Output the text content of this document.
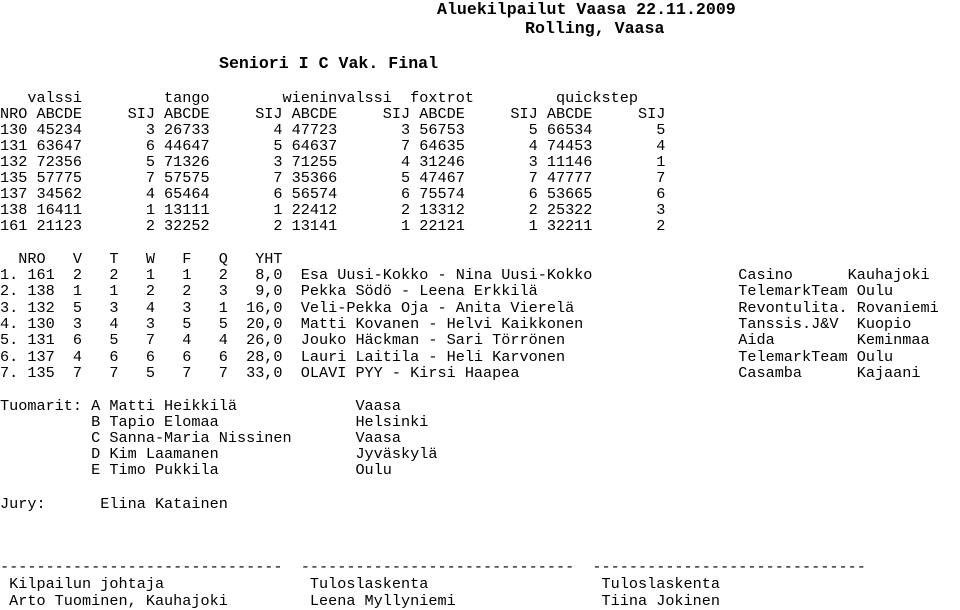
Aluekilpailut Vaasa 22.11.2009
Rolling, Vaasa
Seniori I C Vak. Final
valssi         tango        wieninvalssi  foxtrot         quickstep
NRO ABCDE     SIJ ABCDE     SIJ ABCDE     SIJ ABCDE     SIJ ABCDE     SIJ
130 45234       3 26733       4 47723       3 56753       5 66534       5
131 63647       6 44647       5 64637       7 64635       4 74453       4
132 72356       5 71326       3 71255       4 31246       3 11146       1
135 57775       7 57575       7 35366       5 47467       7 47777       7
137 34562       4 65464       6 56574       6 75574       6 53665       6
138 16411       1 13111       1 22412       2 13312       2 25322       3
161 21123       2 32252       2 13141       1 22121       1 32211       2
NRO   V   T   W   F   Q   YHT
1. 161  2   2   1   1   2   8,0  Esa Uusi-Kokko - Nina Uusi-Kokko                Casino      Kauhajoki
2. 138  1   1   2   2   3   9,0  Pekka Södö - Leena Erkkilä                      TelemarkTeam Oulu
3. 132  5   3   4   3   1  16,0  Veli-Pekka Oja - Anita Vierelä                  Revontulita. Rovaniemi
4. 130  3   4   3   5   5  20,0  Matti Kovanen - Helvi Kaikkonen                 Tanssis.J&V  Kuopio
5. 131  6   5   7   4   4  26,0  Jouko Häckman - Sari Törrönen                   Aida         Keminmaa
6. 137  4   6   6   6   6  28,0  Lauri Laitila - Heli Karvonen                   TelemarkTeam Oulu
7. 135  7   7   5   7   7  33,0  OLAVI PYY - Kirsi Haapea                        Casamba      Kajaani
Tuomarit: A Matti Heikkilä             Vaasa
B Tapio Elomaa               Helsinki
C Sanna-Maria Nissinen       Vaasa
D Kim Laamanen               Jyväskylä
E Timo Pukkila               Oulu
Jury:      Elina Katainen
-------------------------------  ------------------------------  ------------------------------
Kilpailun johtaja                Tuloslaskenta                   Tuloslaskenta
Arto Tuominen, Kauhajoki         Leena Myllyniemi                Tiina Jokinen
